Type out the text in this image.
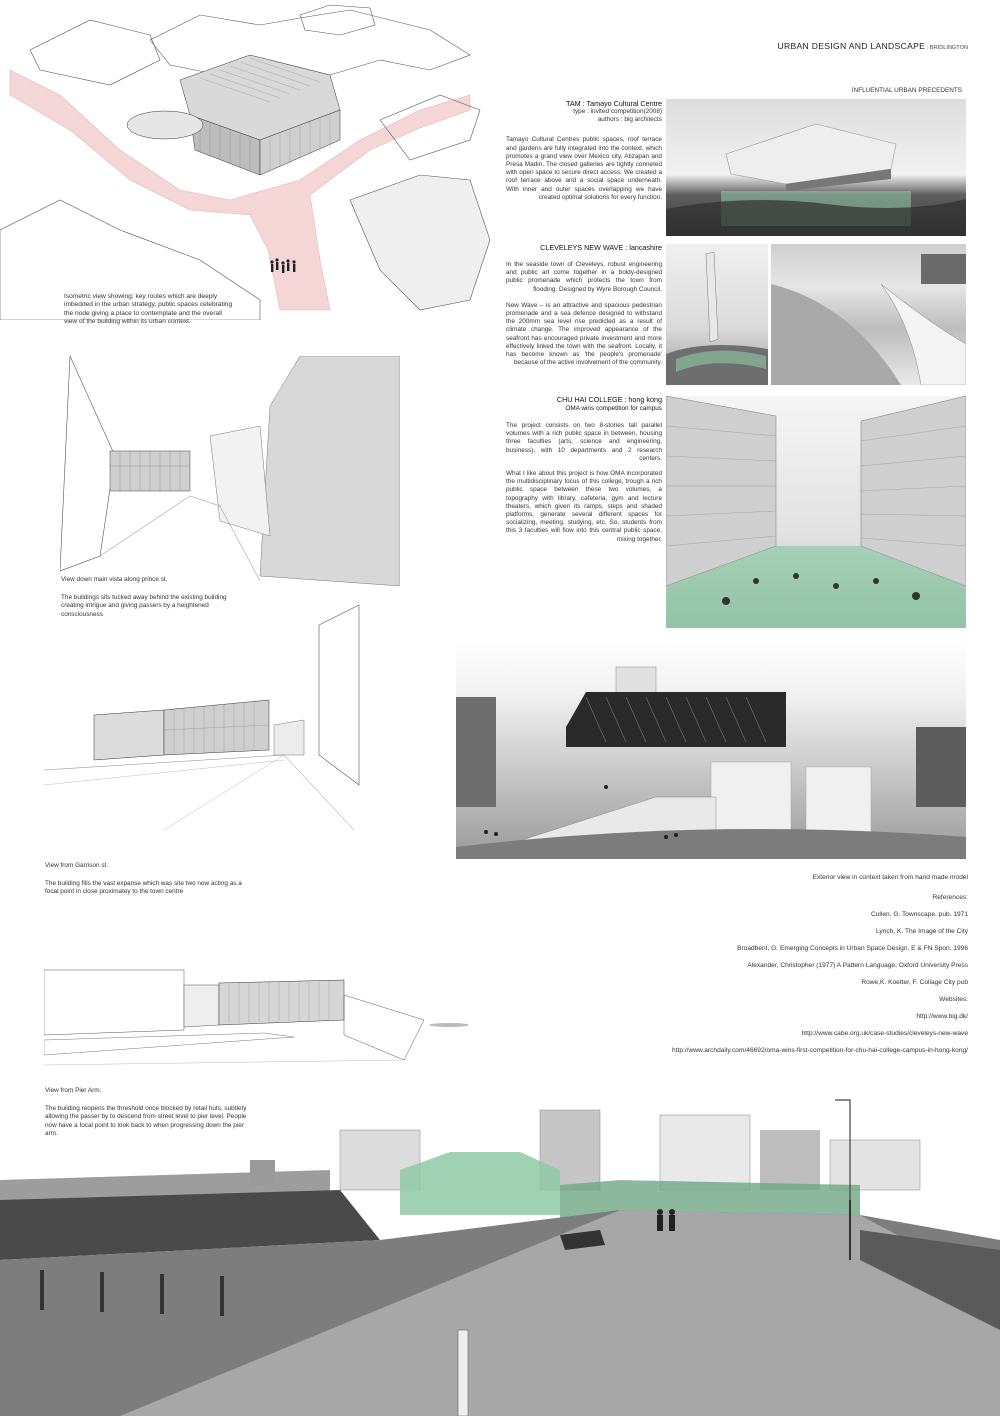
URBAN DESIGN AND LANDSCAPE : BRIDLINGTON
INFLUENTIAL URBAN PRECEDENTS
Isometric view showing; key routes which are deeply imbedded in the urban strategy, public spaces celebrating the node giving a place to contemplate and the overall view of the building within its urban context.
TAM : Tamayo Cultural Centre
type : invited competition(2008)
authors : big architects
Tamayo Cultural Centres public spaces, roof terrace and gardens are fully integrated into the context, which promotes a grand view over Mexico city, Atizapan and Presa Madin. The closed galleries are tightly conneted with open space to secure direct access. We created a roof terrace above and a social space underneath. With inner and outer spaces overlapping we have created optimal solutions for every function.
CLEVELEYS NEW WAVE : lancashire
In the seaside town of Cleveleys, robust engineering and public art come together in a boldy-designed public promenade which protects the town from flooding. Designed by Wyre Borough Council.
New Wave – is an attractive and spacious pedestrian promenade and a sea defence designed to withstand the 200mm sea level rise predicted as a result of climate change. The improved appearance of the seafront has encouraged private investment and more effectively linked the town with the seafront. Locally, it has become known as 'the people's promenade' because of the active involvement of the community.
CHU HAI COLLEGE : hong kong
OMA wins competition for campus
The project consists on two 8-stories tall parallel volumes with a rich public space in between, housing three faculties (arts, science and engineering, business), with 10 departments and 2 research centers.
What I like about this project is how OMA incorporated the multidisciplinary focus of this college, trough a rich public space between these two volumes, a topography with library, cafeteria, gym and lecture theaters, which given its ramps, steps and shaded platforms, generate several different spaces for socializing, meeting, studying, etc. So, students from this 3 faculties will flow into this central public space, mixing together.
View down main vista along prince st.
The buildings sits tucked away behind the existing building creating intrigue and giving passers by a heightened consciousness
View from Garrison st.
The building fills the vast expanse which was site two now acting as a focal point in close proximatey to the town centre
Exterior view in context taken from hand made model
References:
Cullen, G. Townscape. pub. 1971
Lynch, K. The Image of the City
Broadbent, G. Emerging Concepts in Urban Space Design. E & FN Spon. 1996
Alexander, Christopher (1977) A Pattern Language, Oxford University Press
Rowe,K. Koetter, F. Collage City pub
Websites:
http://www.big.dk/
http://www.cabe.org.uk/case-studies/cleveleys-new-wave
http://www.archdaily.com/46692/oma-wins-first-competition-for-chu-hai-college-campus-in-hong-kong/
View from Pier Arm.
The building reopens the threshold once blocked by retail huts, subtlety allowing the passer by to descend from street level to pier level. People now have a focal point to look back to when progressing down the pier arm.
